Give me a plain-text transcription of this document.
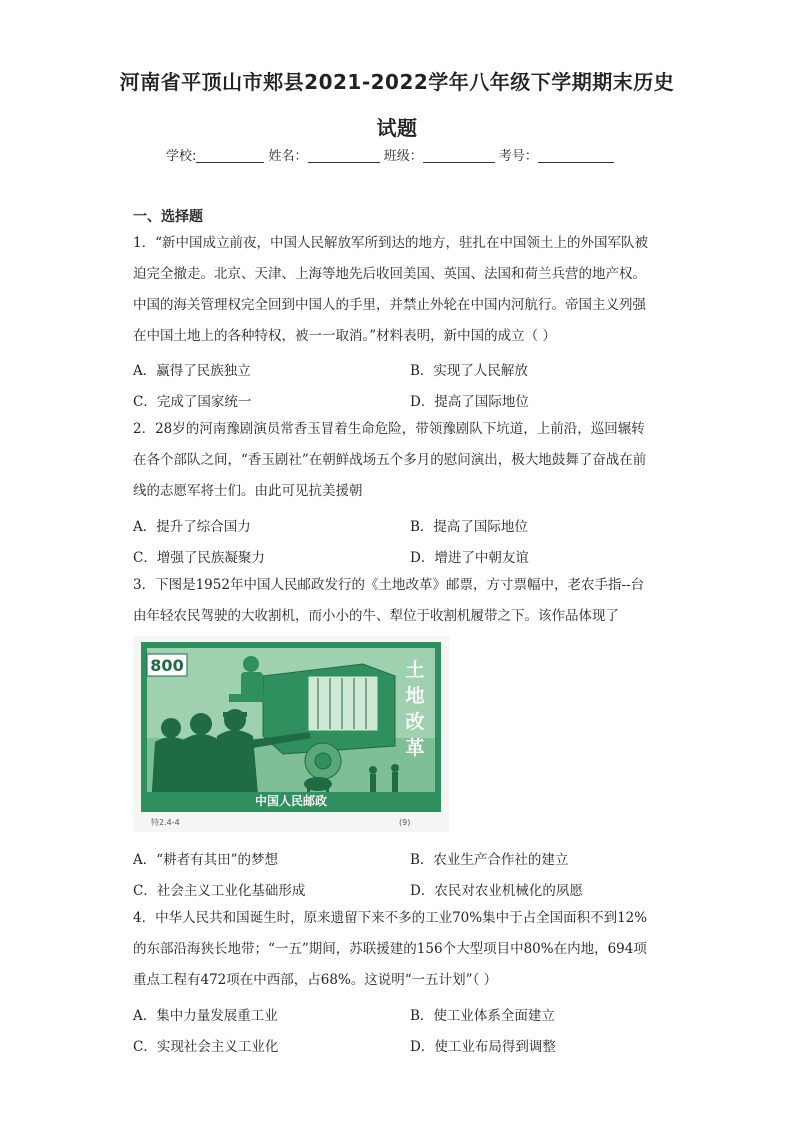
河南省平顶山市郏县2021-2022学年八年级下学期期末历史
试题
学校:	姓名：	班级：	考号：
一、选择题

1．“新中国成立前夜，中国人民解放军所到达的地方，驻扎在中国领土上的外国军队被

迫完全撤走。北京、天津、上海等地先后收回美国、英国、法国和荷兰兵营的地产权。

中国的海关管理权完全回到中国人的手里，并禁止外轮在中国内河航行。帝国主义列强

在中国土地上的各种特权，被一一取消。”材料表明，新中国的成立（ ）

A．赢得了民族独立	B．实现了人民解放
C．完成了国家统一	D．提高了国际地位

2．28岁的河南豫剧演员常香玉冒着生命危险，带领豫剧队下坑道，上前沿，巡回辗转

在各个部队之间，“香玉剧社”在朝鲜战场五个多月的慰问演出，极大地鼓舞了奋战在前

线的志愿军将士们。由此可见抗美援朝

A．提升了综合国力	B．提高了国际地位
C．增强了民族凝聚力	D．增进了中朝友谊

3．下图是1952年中国人民邮政发行的《土地改革》邮票，方寸票幅中，老农手指--台

由年轻农民驾驶的大收割机，而小小的牛、犁位于收割机履带之下。该作品体现了

800	土
地
改
革
中国人民邮政
特2.4-4	(9)
A．“耕者有其田”的梦想	B．农业生产合作社的建立
C．社会主义工业化基础形成	D．农民对农业机械化的夙愿

4．中华人民共和国诞生时，原来遗留下来不多的工业70%集中于占全国面积不到12%

的东部沿海狭长地带；“一五”期间，苏联援建的156个大型项目中80%在内地，694项

重点工程有472项在中西部，占68%。这说明“一五计划”（ ）

A．集中力量发展重工业	B．使工业体系全面建立
C．实现社会主义工业化	D．使工业布局得到调整
